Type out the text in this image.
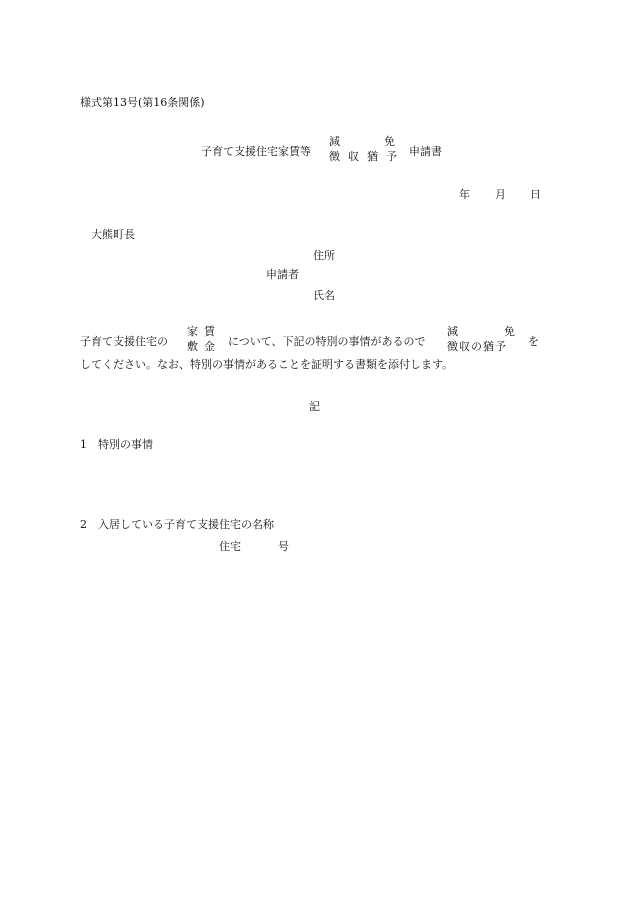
様式第13号(第16条関係)
子育て支援住宅家賃等
減	免
徴 収 猶 予 申請書
年 月 日
大熊町長
住所
申請者
氏名
子育て支援住宅の
家 賃
敷 金 について、下記の特別の事情があるので
減	免
徴 収 の 猶 予 を
してください。なお、特別の事情があることを証明する書類を添付します。
記
1　特別の事情
2　入居している子育て支援住宅の名称
住宅	号
